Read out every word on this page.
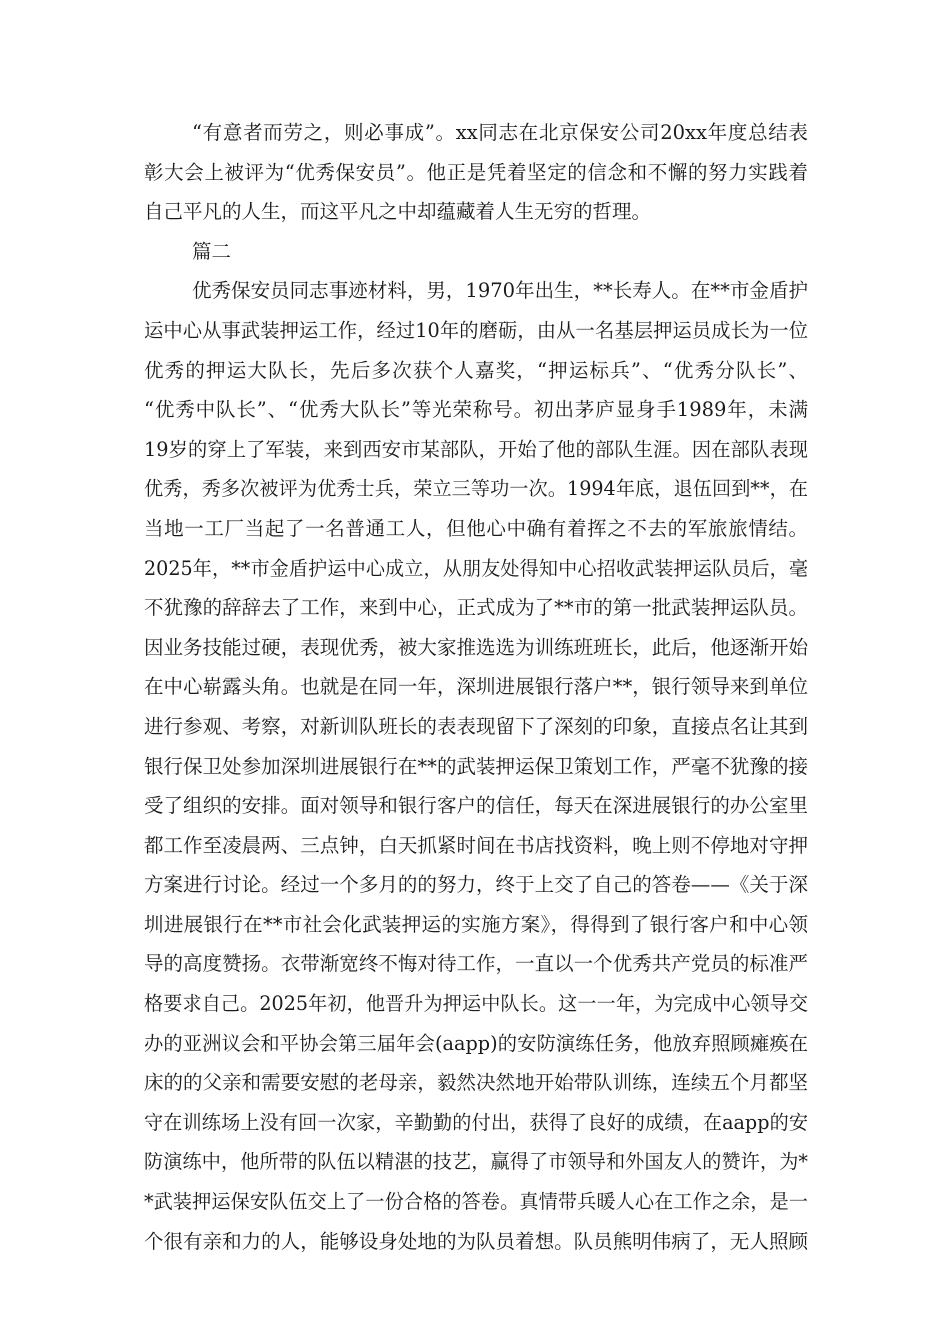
“有意者而劳之，则必事成”。xx同志在北京保安公司20xx年度总结表
彰大会上被评为“优秀保安员”。他正是凭着坚定的信念和不懈的努力实践着
自己平凡的人生，而这平凡之中却蕴藏着人生无穷的哲理。
篇二
优秀保安员同志事迹材料，男，1970年出生，**长寿人。在**市金盾护
运中心从事武装押运工作，经过10年的磨砺，由从一名基层押运员成长为一位
优秀的押运大队长，先后多次获个人嘉奖，“押运标兵”、“优秀分队长”、
“优秀中队长”、“优秀大队长”等光荣称号。初出茅庐显身手1989年，未满
19岁的穿上了军装，来到西安市某部队，开始了他的部队生涯。因在部队表现
优秀，秀多次被评为优秀士兵，荣立三等功一次。1994年底，退伍回到**，在
当地一工厂当起了一名普通工人，但他心中确有着挥之不去的军旅旅情结。
2025年，**市金盾护运中心成立，从朋友处得知中心招收武装押运队员后，毫
不犹豫的辞辞去了工作，来到中心，正式成为了**市的第一批武装押运队员。
因业务技能过硬，表现优秀，被大家推选选为训练班班长，此后，他逐渐开始
在中心崭露头角。也就是在同一年，深圳进展银行落户**，银行领导来到单位
进行参观、考察，对新训队班长的表表现留下了深刻的印象，直接点名让其到
银行保卫处参加深圳进展银行在**的武装押运保卫策划工作，严毫不犹豫的接
受了组织的安排。面对领导和银行客户的信任，每天在深进展银行的办公室里
都工作至凌晨两、三点钟，白天抓紧时间在书店找资料，晚上则不停地对守押
方案进行讨论。经过一个多月的的努力，终于上交了自己的答卷——《关于深
圳进展银行在**市社会化武装押运的实施方案》，得得到了银行客户和中心领
导的高度赞扬。衣带渐宽终不悔对待工作，一直以一个优秀共产党员的标准严
格要求自己。2025年初，他晋升为押运中队长。这一一年，为完成中心领导交
办的亚洲议会和平协会第三届年会(aapp)的安防演练任务，他放弃照顾瘫痪在
床的的父亲和需要安慰的老母亲，毅然决然地开始带队训练，连续五个月都坚
守在训练场上没有回一次家，辛勤勤的付出，获得了良好的成绩，在aapp的安
防演练中，他所带的队伍以精湛的技艺，赢得了市领导和外国友人的赞许，为*
*武装押运保安队伍交上了一份合格的答卷。真情带兵暖人心在工作之余，是一
个很有亲和力的人，能够设身处地的为队员着想。队员熊明伟病了，无人照顾
